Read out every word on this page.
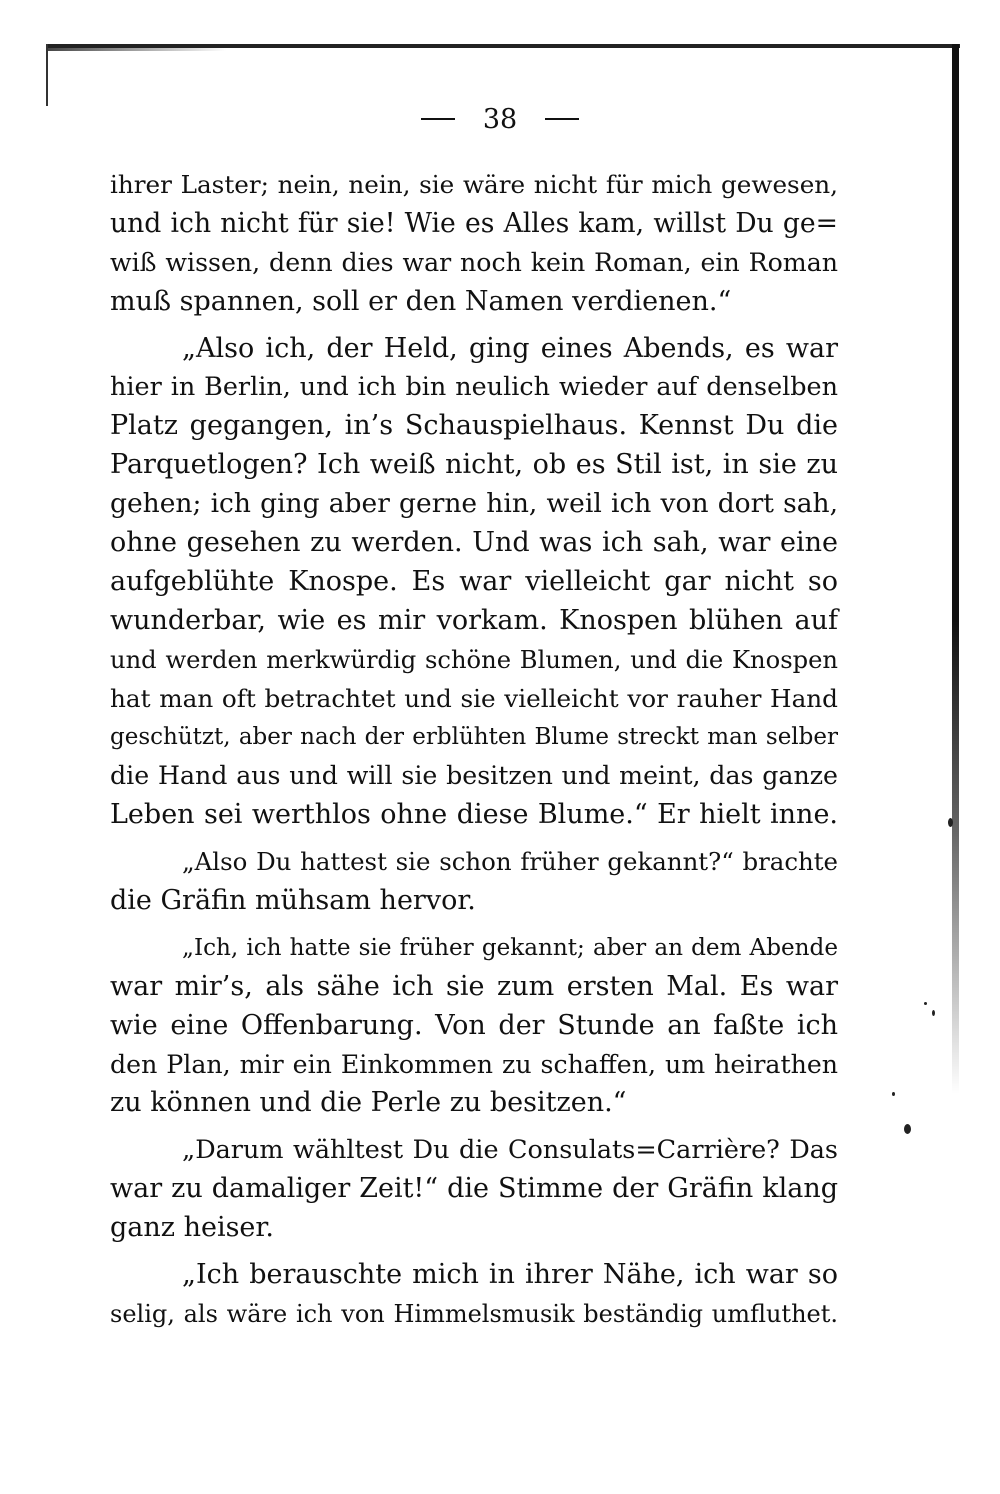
38
ihrer Laster; nein, nein, sie wäre nicht für mich gewesen,
und ich nicht für sie! Wie es Alles kam, willst Du ge=
wiß wissen, denn dies war noch kein Roman, ein Roman
muß spannen, soll er den Namen verdienen.“
„Also ich, der Held, ging eines Abends, es war
hier in Berlin, und ich bin neulich wieder auf denselben
Platz gegangen, in’s Schauspielhaus. Kennst Du die
Parquetlogen? Ich weiß nicht, ob es Stil ist, in sie zu
gehen; ich ging aber gerne hin, weil ich von dort sah,
ohne gesehen zu werden. Und was ich sah, war eine
aufgeblühte Knospe. Es war vielleicht gar nicht so
wunderbar, wie es mir vorkam. Knospen blühen auf
und werden merkwürdig schöne Blumen, und die Knospen
hat man oft betrachtet und sie vielleicht vor rauher Hand
geschützt, aber nach der erblühten Blume streckt man selber
die Hand aus und will sie besitzen und meint, das ganze
Leben sei werthlos ohne diese Blume.“ Er hielt inne.
„Also Du hattest sie schon früher gekannt?“ brachte
die Gräfin mühsam hervor.
„Ich, ich hatte sie früher gekannt; aber an dem Abende
war mir’s, als sähe ich sie zum ersten Mal. Es war
wie eine Offenbarung. Von der Stunde an faßte ich
den Plan, mir ein Einkommen zu schaffen, um heirathen
zu können und die Perle zu besitzen.“
„Darum wähltest Du die Consulats=Carrière? Das
war zu damaliger Zeit!“ die Stimme der Gräfin klang
ganz heiser.
„Ich berauschte mich in ihrer Nähe, ich war so
selig, als wäre ich von Himmelsmusik beständig umfluthet.
